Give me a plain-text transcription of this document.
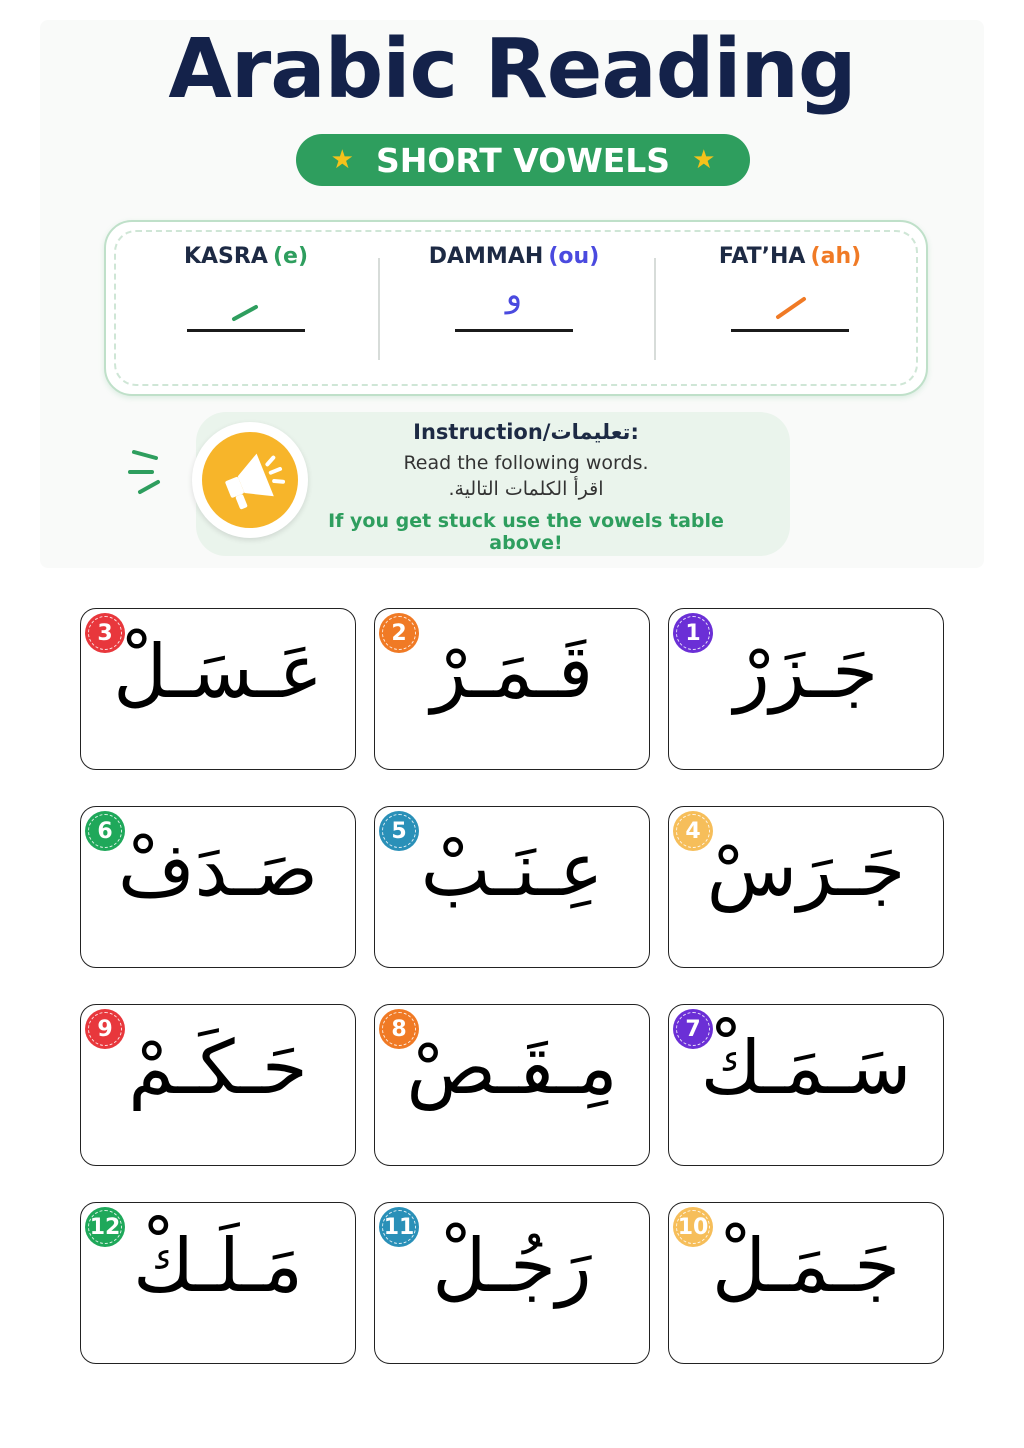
Arabic Reading
★ SHORT VOWELS ★
FAT’HA (ah)
DAMMAH (ou)
و
KASRA (e)
Instruction/تعليمات:
Read the following words.
اقرأ الكلمات التالية.
If you get stuck use the vowels table above!
1 جَـزَرْ
2 قَـمَـرْ
3 عَـسَـلْ
4 جَـرَسْ
5 عِـنَـبْ
6 صَـدَفْ
7 سَـمَـكْ
8 مِـقَـصْ
9 حَـكَـمْ
10 جَـمَـلْ
11 رَجُـلْ
12 مَـلَـكْ
